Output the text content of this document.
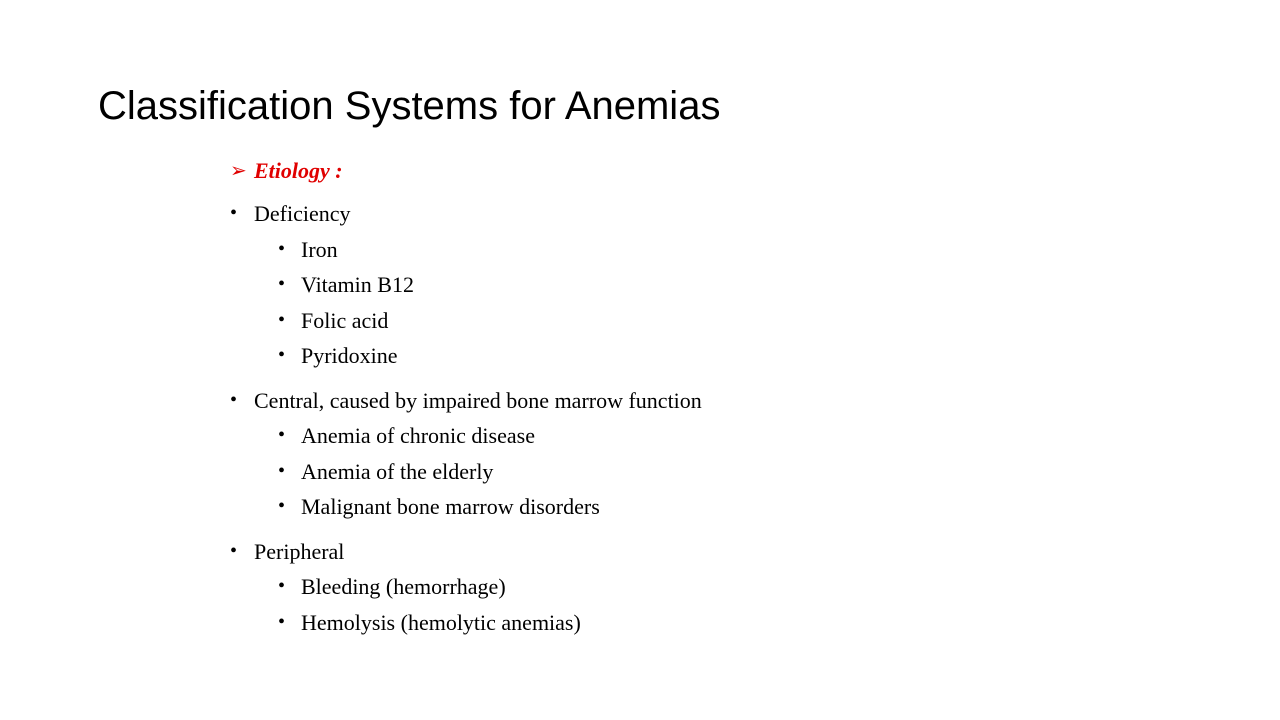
Classification Systems for Anemias
➢ Etiology :
• Deficiency
• Iron
• Vitamin B12
• Folic acid
• Pyridoxine
• Central, caused by impaired bone marrow function
• Anemia of chronic disease
• Anemia of the elderly
• Malignant bone marrow disorders
• Peripheral
• Bleeding (hemorrhage)
• Hemolysis (hemolytic anemias)
